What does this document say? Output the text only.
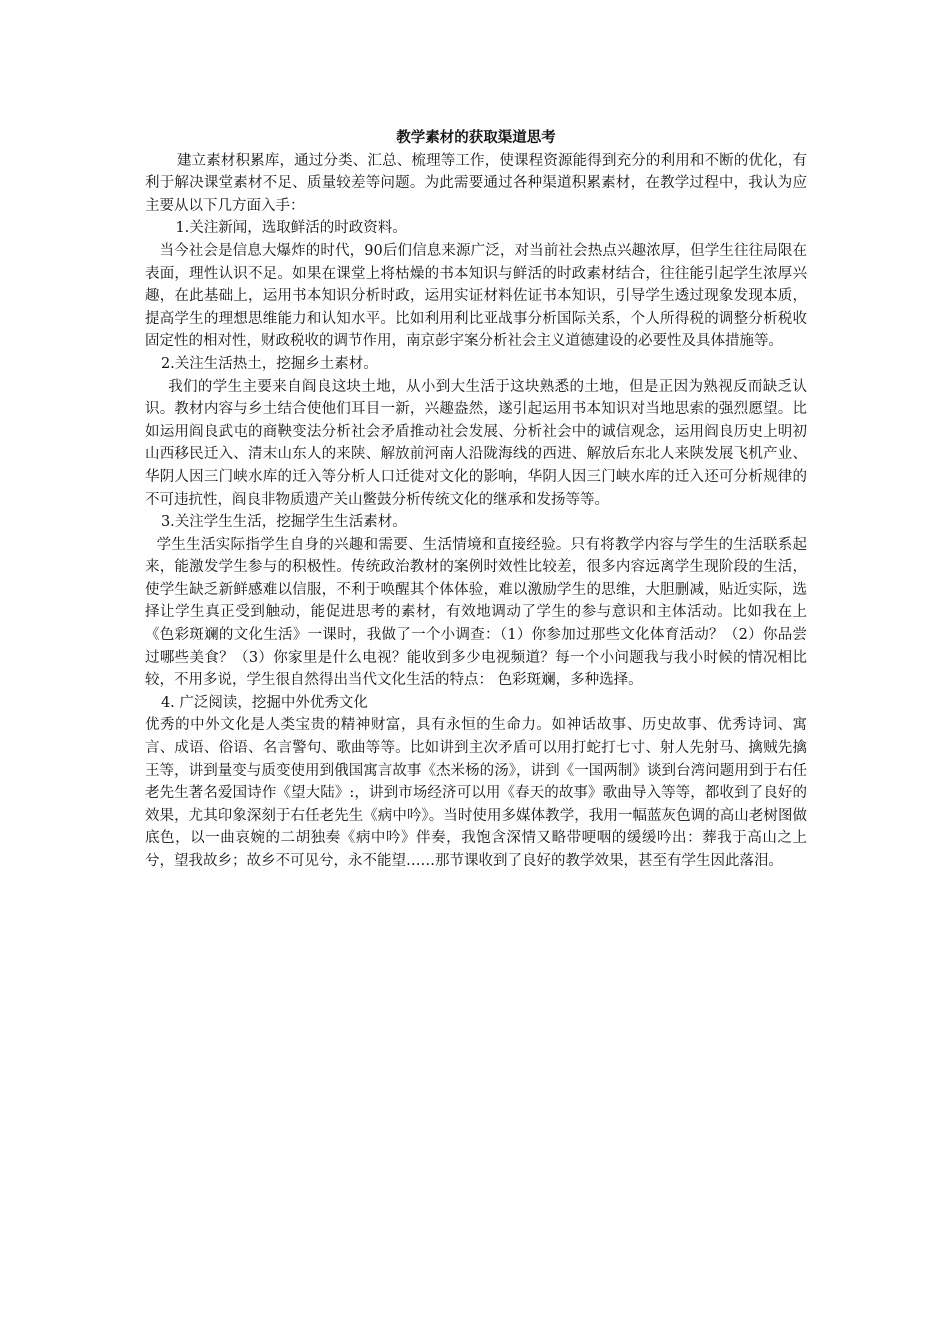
教学素材的获取渠道思考

建立素材积累库，通过分类、汇总、梳理等工作，使课程资源能得到充分的利用和不断的优化，有利于解决课堂素材不足、质量较差等问题。为此需要通过各种渠道积累素材，在教学过程中，我认为应主要从以下几方面入手：

1.关注新闻，选取鲜活的时政资料。

当今社会是信息大爆炸的时代，90后们信息来源广泛，对当前社会热点兴趣浓厚，但学生往往局限在表面，理性认识不足。如果在课堂上将枯燥的书本知识与鲜活的时政素材结合，往往能引起学生浓厚兴趣，在此基础上，运用书本知识分析时政，运用实证材料佐证书本知识，引导学生透过现象发现本质，提高学生的理想思维能力和认知水平。比如利用利比亚战事分析国际关系，个人所得税的调整分析税收固定性的相对性，财政税收的调节作用，南京彭宇案分析社会主义道德建设的必要性及具体措施等。

2.关注生活热土，挖掘乡土素材。

我们的学生主要来自阎良这块土地，从小到大生活于这块熟悉的土地，但是正因为熟视反而缺乏认识。教材内容与乡土结合使他们耳目一新，兴趣盎然，遂引起运用书本知识对当地思索的强烈愿望。比如运用阎良武屯的商鞅变法分析社会矛盾推动社会发展、分析社会中的诚信观念，运用阎良历史上明初山西移民迁入、清末山东人的来陕、解放前河南人沿陇海线的西进、解放后东北人来陕发展飞机产业、华阴人因三门峡水库的迁入等分析人口迁徙对文化的影响，华阴人因三门峡水库的迁入还可分析规律的不可违抗性，阎良非物质遗产关山鳖鼓分析传统文化的继承和发扬等等。

3.关注学生生活，挖掘学生生活素材。

学生生活实际指学生自身的兴趣和需要、生活情境和直接经验。只有将教学内容与学生的生活联系起来，能激发学生参与的积极性。传统政治教材的案例时效性比较差，很多内容远离学生现阶段的生活，使学生缺乏新鲜感难以信服，不利于唤醒其个体体验，难以激励学生的思维，大胆删减，贴近实际，选择让学生真正受到触动，能促进思考的素材，有效地调动了学生的参与意识和主体活动。比如我在上《色彩斑斓的文化生活》一课时，我做了一个小调查：（1）你参加过那些文化体育活动？（2）你品尝过哪些美食？（3）你家里是什么电视？能收到多少电视频道？每一个小问题我与我小时候的情况相比较，不用多说，学生很自然得出当代文化生活的特点： 色彩斑斓，多种选择。

4. 广泛阅读，挖掘中外优秀文化

优秀的中外文化是人类宝贵的精神财富，具有永恒的生命力。如神话故事、历史故事、优秀诗词、寓言、成语、俗语、名言警句、歌曲等等。比如讲到主次矛盾可以用打蛇打七寸、射人先射马、擒贼先擒王等，讲到量变与质变使用到俄国寓言故事《杰米杨的汤》，讲到《一国两制》谈到台湾问题用到于右任老先生著名爱国诗作《望大陆》:，讲到市场经济可以用《春天的故事》歌曲导入等等，都收到了良好的效果，尤其印象深刻于右任老先生《病中吟》。当时使用多媒体教学，我用一幅蓝灰色调的高山老树图做底色，以一曲哀婉的二胡独奏《病中吟》伴奏，我饱含深情又略带哽咽的缓缓吟出：葬我于高山之上兮，望我故乡；故乡不可见兮，永不能望……那节课收到了良好的教学效果，甚至有学生因此落泪。
